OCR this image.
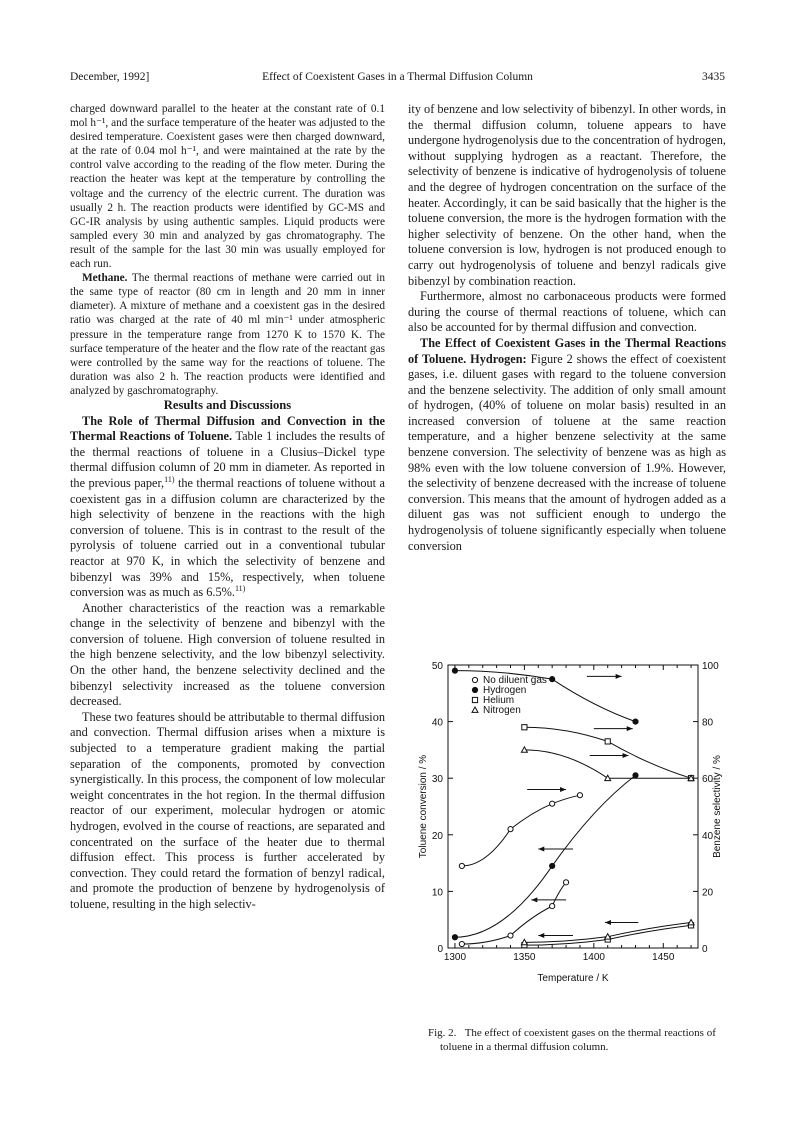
December, 1992]	Effect of Coexistent Gases in a Thermal Diffusion Column	3435

charged downward parallel to the heater at the constant rate of 0.1 mol h⁻¹, and the surface temperature of the heater was adjusted to the desired temperature. Coexistent gases were then charged downward, at the rate of 0.04 mol h⁻¹, and were maintained at the rate by the control valve according to the reading of the flow meter. During the reaction the heater was kept at the temperature by controlling the voltage and the currency of the electric current. The duration was usually 2 h. The reaction products were identified by GC-MS and GC-IR analysis by using authentic samples. Liquid products were sampled every 30 min and analyzed by gas chromatography. The result of the sample for the last 30 min was usually employed for each run.

Methane. The thermal reactions of methane were carried out in the same type of reactor (80 cm in length and 20 mm in inner diameter). A mixture of methane and a coexistent gas in the desired ratio was charged at the rate of 40 ml min⁻¹ under atmospheric pressure in the temperature range from 1270 K to 1570 K. The surface temperature of the heater and the flow rate of the reactant gas were controlled by the same way for the reactions of toluene. The duration was also 2 h. The reaction products were identified and analyzed by gaschromatography.

Results and Discussions

The Role of Thermal Diffusion and Convection in the Thermal Reactions of Toluene. Table 1 includes the results of the thermal reactions of toluene in a Clusius–Dickel type thermal diffusion column of 20 mm in diameter. As reported in the previous paper,$^{11)}$ the thermal reactions of toluene without a coexistent gas in a diffusion column are characterized by the high selectivity of benzene in the reactions with the high conversion of toluene. This is in contrast to the result of the pyrolysis of toluene carried out in a conventional tubular reactor at 970 K, in which the selectivity of benzene and bibenzyl was 39% and 15%, respectively, when toluene conversion was as much as 6.5%.$^{11)}$

Another characteristics of the reaction was a remarkable change in the selectivity of benzene and bibenzyl with the conversion of toluene. High conversion of toluene resulted in the high benzene selectivity, and the low bibenzyl selectivity. On the other hand, the benzene selectivity declined and the bibenzyl selectivity increased as the toluene conversion decreased.

These two features should be attributable to thermal diffusion and convection. Thermal diffusion arises when a mixture is subjected to a temperature gradient making the partial separation of the components, promoted by convection synergistically. In this process, the component of low molecular weight concentrates in the hot region. In the thermal diffusion reactor of our experiment, molecular hydrogen or atomic hydrogen, evolved in the course of reactions, are separated and concentrated on the surface of the heater due to thermal diffusion effect. This process is further accelerated by convection. They could retard the formation of benzyl radical, and promote the production of benzene by hydrogenolysis of toluene, resulting in the high selectiv-

ity of benzene and low selectivity of bibenzyl. In other words, in the thermal diffusion column, toluene appears to have undergone hydrogenolysis due to the concentration of hydrogen, without supplying hydrogen as a reactant. Therefore, the selectivity of benzene is indicative of hydrogenolysis of toluene and the degree of hydrogen concentration on the surface of the heater. Accordingly, it can be said basically that the higher is the toluene conversion, the more is the hydrogen formation with the higher selectivity of benzene. On the other hand, when the toluene conversion is low, hydrogen is not produced enough to carry out hydrogenolysis of toluene and benzyl radicals give bibenzyl by combination reaction.

Furthermore, almost no carbonaceous products were formed during the course of thermal reactions of toluene, which can also be accounted for by thermal diffusion and convection.

The Effect of Coexistent Gases in the Thermal Reactions of Toluene. Hydrogen: Figure 2 shows the effect of coexistent gases, i.e. diluent gases with regard to the toluene conversion and the benzene selectivity. The addition of only small amount of hydrogen, (40% of toluene on molar basis) resulted in an increased conversion of toluene at the same reaction temperature, and a higher benzene selectivity at the same benzene conversion. The selectivity of benzene was as high as 98% even with the low toluene conversion of 1.9%. However, the selectivity of benzene decreased with the increase of toluene conversion. This means that the amount of hydrogen added as a diluent gas was not sufficient enough to undergo the hydrogenolysis of toluene significantly especially when toluene conversion

1300	1350	1400	1450
0
10
20
30
40
50
0
20
40
60
80
100
Temperature / K
Toluene conversion / %	Benzene selectivity / %
No diluent gas
Hydrogen
Helium
Nitrogen
Fig. 2. The effect of coexistent gases on the thermal reactions of toluene in a thermal diffusion column.
